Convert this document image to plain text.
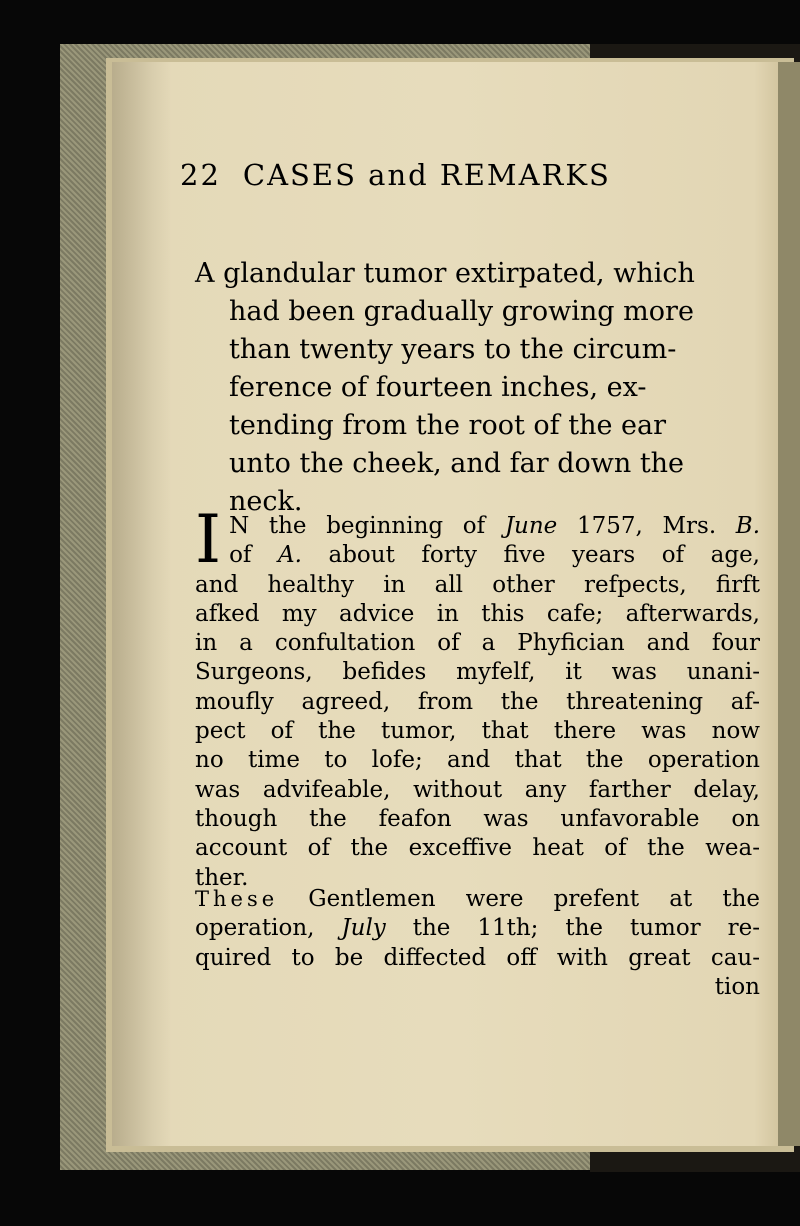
22 CASES and REMARKS
A glandular tumor extirpated, which
had been gradually growing more
than twenty years to the circum-
ference of fourteen inches, ex-
tending from the root of the ear
unto the cheek, and far down the
neck.
I N the beginning of June 1757, Mrs. B.
of A. about forty five years of age,
and healthy in all other refpects, firft
afked my advice in this cafe; afterwards,
in a confultation of a Phyfician and four
Surgeons, befides myfelf, it was unani-
moufly agreed, from the threatening af-
pect of the tumor, that there was now
no time to lofe; and that the operation
was advifeable, without any farther delay,
though the feafon was unfavorable on
account of the exceffive heat of the wea-
ther.
These Gentlemen were prefent at the
operation, July the 11th; the tumor re-
quired to be diffected off with great cau-
tion
